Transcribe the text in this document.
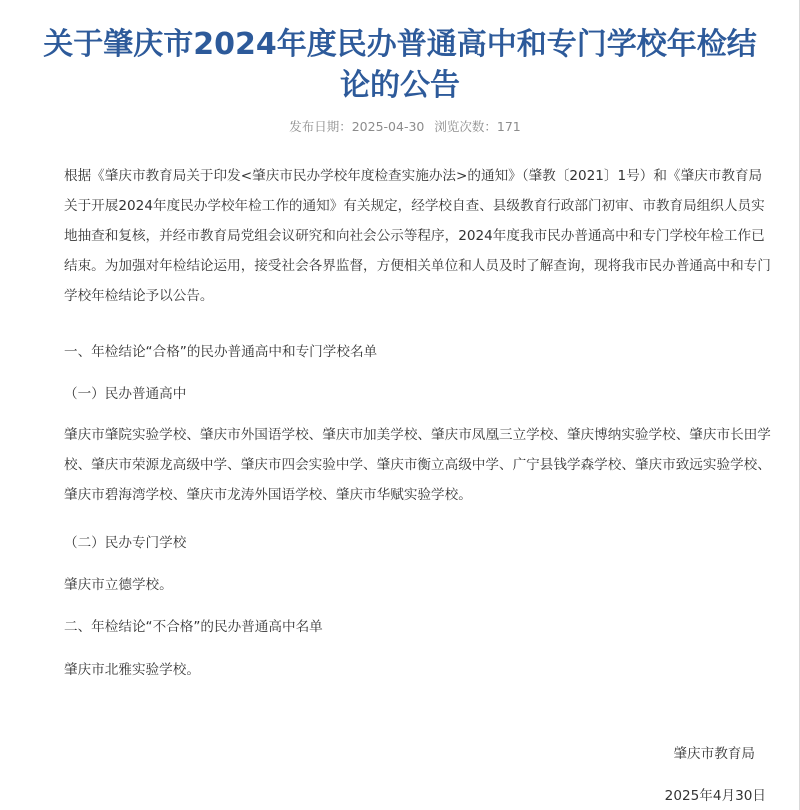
关于肇庆市2024年度民办普通高中和专门学校年检结论的公告
发布日期：2025-04-30 浏览次数：171

根据《肇庆市教育局关于印发<肇庆市民办学校年度检查实施办法>的通知》（肇教〔2021〕1号）和《肇庆市教育局关于开展2024年度民办学校年检工作的通知》有关规定，经学校自查、县级教育行政部门初审、市教育局组织人员实地抽查和复核，并经市教育局党组会议研究和向社会公示等程序，2024年度我市民办普通高中和专门学校年检工作已结束。为加强对年检结论运用，接受社会各界监督，方便相关单位和人员及时了解查询，现将我市民办普通高中和专门学校年检结论予以公告。

一、年检结论“合格”的民办普通高中和专门学校名单

（一）民办普通高中

肇庆市肇院实验学校、肇庆市外国语学校、肇庆市加美学校、肇庆市凤凰三立学校、肇庆博纳实验学校、肇庆市长田学校、肇庆市荣源龙高级中学、肇庆市四会实验中学、肇庆市衡立高级中学、广宁县钱学森学校、肇庆市致远实验学校、肇庆市碧海湾学校、肇庆市龙涛外国语学校、肇庆市华赋实验学校。

（二）民办专门学校

肇庆市立德学校。

二、年检结论“不合格”的民办普通高中名单

肇庆市北雅实验学校。

肇庆市教育局
2025年4月30日
